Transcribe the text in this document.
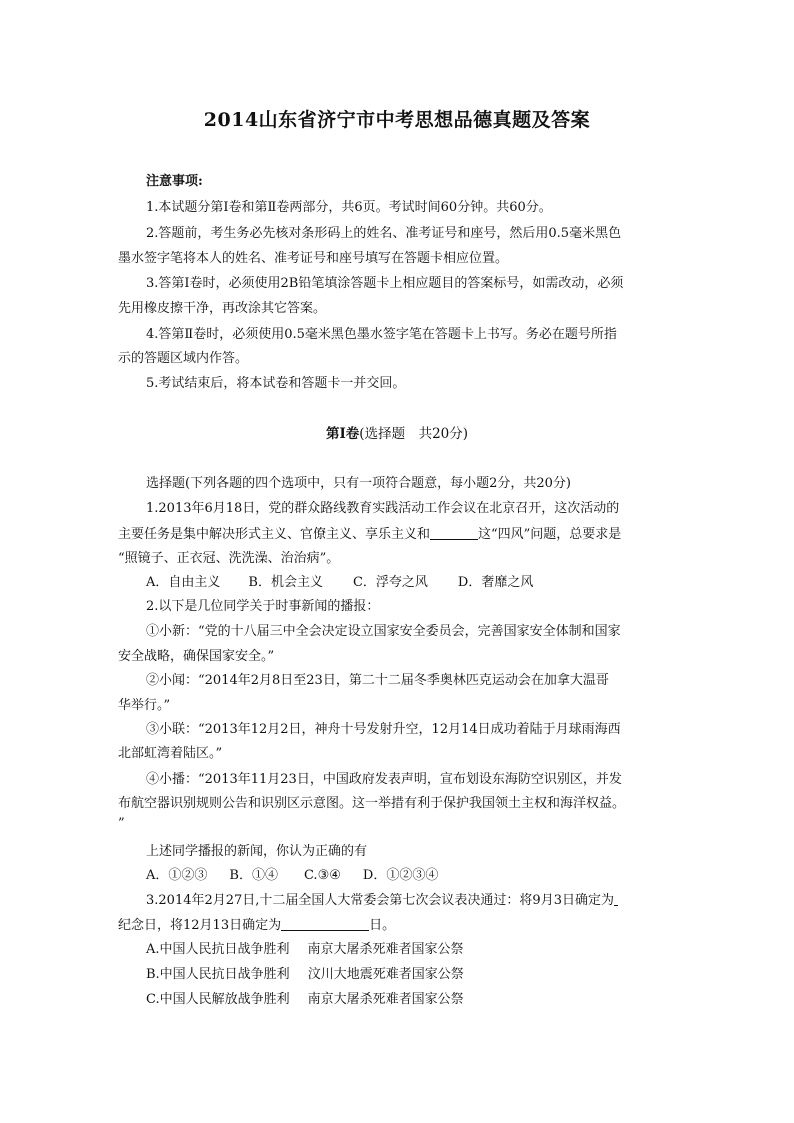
2014山东省济宁市中考思想品德真题及答案
注意事项:
1.本试题分第Ⅰ卷和第Ⅱ卷两部分，共6页。考试时间60分钟。共60分。
2.答题前，考生务必先核对条形码上的姓名、准考证号和座号，然后用0.5毫米黑色
墨水签字笔将本人的姓名、准考证号和座号填写在答题卡相应位置。
3.答第Ⅰ卷时，必须使用2B铅笔填涂答题卡上相应题目的答案标号，如需改动，必须
先用橡皮擦干净，再改涂其它答案。
4.答第Ⅱ卷时，必须使用0.5毫米黑色墨水签字笔在答题卡上书写。务必在题号所指
示的答题区域内作答。
5.考试结束后，将本试卷和答题卡一并交回。
第Ⅰ卷(选择题　共20分)
选择题(下列各题的四个选项中，只有一项符合题意，每小题2分，共20分)
1.2013年6月18日，党的群众路线教育实践活动工作会议在北京召开，这次活动的
主要任务是集中解决形式主义、官僚主义、享乐主义和	这“四风”问题，总要求是
“照镜子、正衣冠、洗洗澡、治治病”。
A．自由主义 B．机会主义 C．浮夸之风 D．奢靡之风
2.以下是几位同学关于时事新闻的播报：
①小新：“党的十八届三中全会决定设立国家安全委员会，完善国家安全体制和国家
安全战略，确保国家安全。”
②小闻：“2014年2月8日至23日，第二十二届冬季奥林匹克运动会在加拿大温哥
华举行。”
③小联：“2013年12月2日，神舟十号发射升空，12月14日成功着陆于月球雨海西
北部虹湾着陆区。”
④小播：“2013年11月23日，中国政府发表声明，宣布划设东海防空识别区，并发
布航空器识别规则公告和识别区示意图。这一举措有利于保护我国领土主权和海洋权益。
”
上述同学播报的新闻，你认为正确的有
A．①②③ B．①④ C.③④ D．①②③④
3.2014年2月27日,十二届全国人大常委会第七次会议表决通过：将9月3日确定为
纪念日，将12月13日确定为	日。
A.中国人民抗日战争胜利 南京大屠杀死难者国家公祭
B.中国人民抗日战争胜利 汶川大地震死难者国家公祭
C.中国人民解放战争胜利 南京大屠杀死难者国家公祭
